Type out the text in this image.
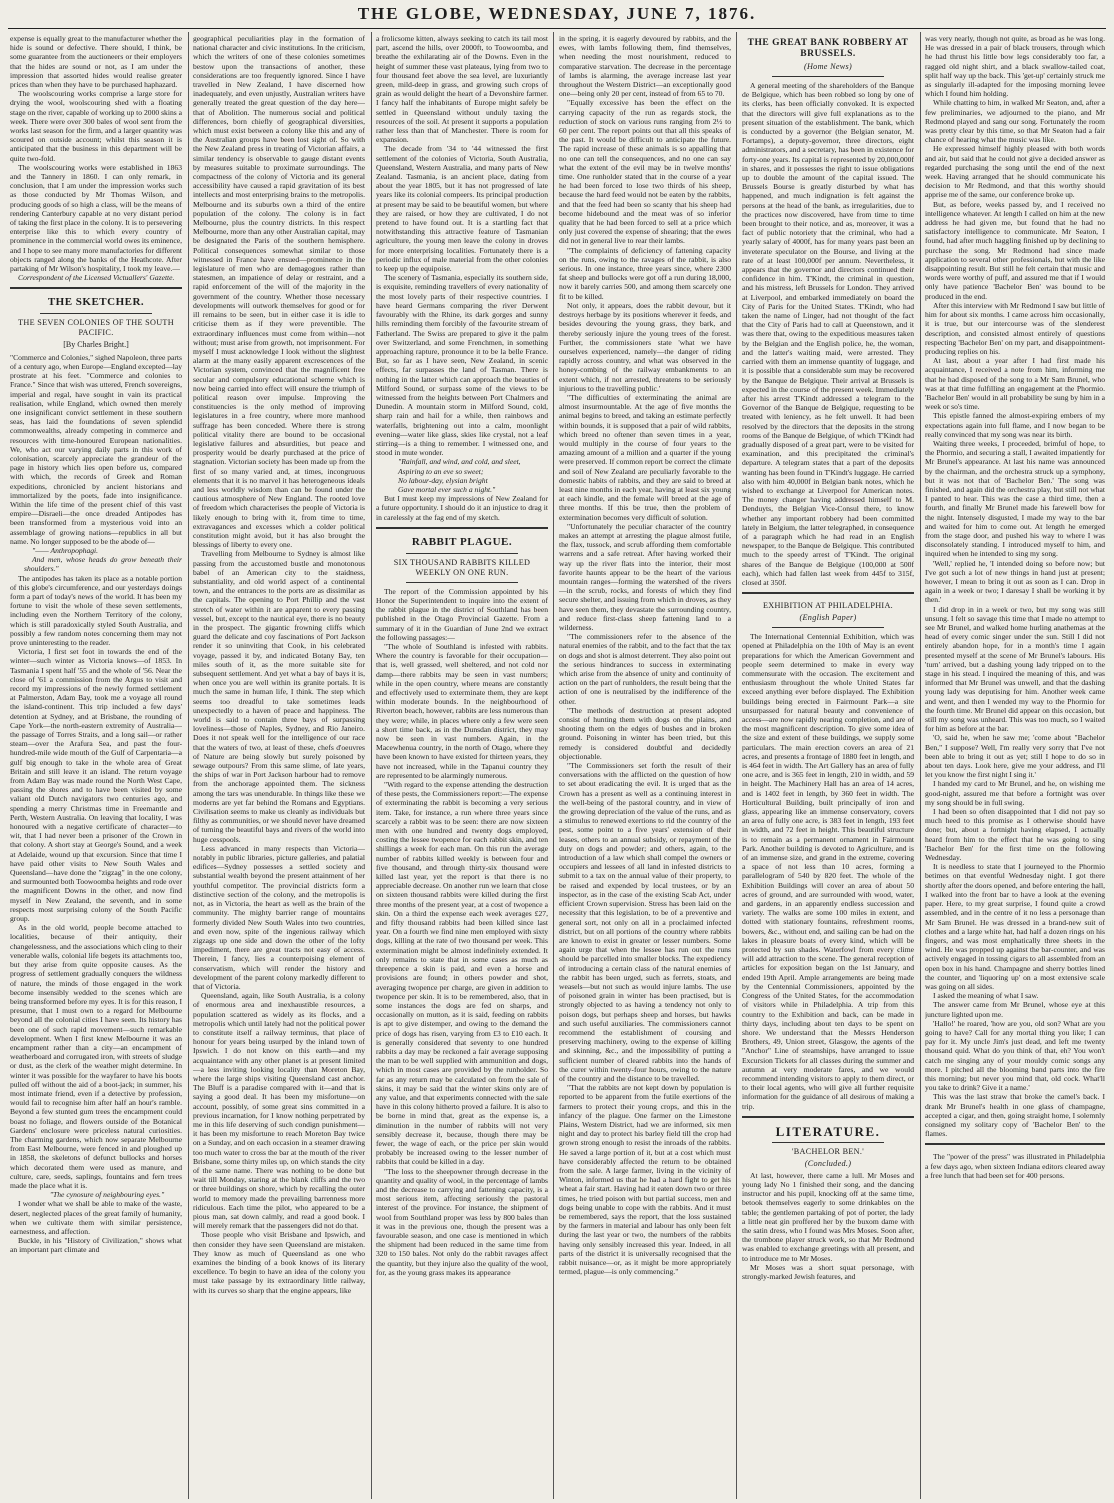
THE GLOBE, WEDNESDAY, JUNE 7, 1876.

expense is equally great to the manufacturer whether the hide is sound or defective. There should, I think, be some guarantee from the auctioneers or their employers that the hides are sound or not, as I am under the impression that assorted hides would realise greater prices than when they have to be purchased haphazard.

The woolscouring works comprise a large store for drying the wool, woolscouring shed with a floating stage on the river, capable of working up to 2000 skins a week. There were over 300 bales of wool sent from the works last season for the firm, and a larger quantity was scoured on outside account; whilst this season it is anticipated that the business in this department will be quite two-fold.

The woolscouring works were established in 1863 and the Tannery in 1860. I can only remark, in conclusion, that I am under the impression works such as those conducted by Mr Thomas Wilson, and producing goods of so high a class, will be the means of rendering Canterbury capable at no very distant period of taking the first place in the colony. It is to persevering enterprise like this to which every country of prominence in the commercial world owes its eminence, and I hope to see many more manufactories for different objects ranged along the banks of the Heathcote. After partaking of Mr Wilson's hospitality, I took my leave.—

Correspondent of the Licensed Victuallers' Gazette.

THE SKETCHER.
THE SEVEN COLONIES OF THE SOUTH PACIFIC.
[By Charles Bright.]

"Commerce and Colonies," sighed Napoleon, three parts of a century ago, when Europe—England excepted—lay prostrate at his feet. "Commerce and colonies to France." Since that wish was uttered, French sovereigns, imperial and regal, have sought in vain its practical realisation, while England, which owned then merely one insignificant convict settlement in these southern seas, has laid the foundations of seven splendid commonwealths, already competing in commerce and resources with time-honoured European nationalities. We, who act our varying daily parts in this work of colonisation, scarcely appreciate the grandeur of the page in history which lies open before us, compared with which, the records of Greek and Roman expeditions, chronicled by ancient historians and immortalized by the poets, fade into insignificance. Within the life time of the present chief of this vast empire—Disraeli—the once dreaded Antipodes has been transformed from a mysterious void into an assemblage of growing nations—republics in all but name. No longer supposed to be the abode of—

"—— Anthropophagi.

And men, whose heads do grow beneath their shoulders."

The antipodes has taken its place as a notable portion of this globe's circumference, and our yesterdays doings form a part of today's news of the world. It has been my fortune to visit the whole of these seven settlements, including even the Northern Territory of the colony, which is still paradoxically styled South Australia, and possibly a few random notes concerning them may not prove uninteresting to the reader.

Victoria, I first set foot in towards the end of the winter—such winter as Victoria knows—of 1853. In Tasmania I spent half '55 and the whole of '56. Near the close of '61 a commission from the Argus to visit and record my impressions of the newly formed settlement at Palmerston, Adam Bay, took me a voyage all round the island-continent. This trip included a few days' detention at Sydney, and at Brisbane, the rounding of Cape York—the north-eastern extremity of Australia—the passage of Torres Straits, and a long sail—or rather steam—over the Arafura Sea, and past the four-hundred-mile wide mouth of the Gulf of Carpentaria—a gulf big enough to take in the whole area of Great Britain and still leave it an island. The return voyage from Adam Bay was made round the North West Cape, passing the shores and to have been visited by some valiant old Dutch navigators two centuries ago, and spending a merry Christmas time in Freemantle and Perth, Western Australia. On leaving that locality, I was honoured with a negative certificate of character—to wit, that I had never been a prisoner of the Crown in that colony. A short stay at George's Sound, and a week at Adelaide, wound up that excursion. Since that time I have paid other visits to New South Wales and Queensland—have done the "zigzag" in the one colony, and surmounted both Toowoomba heights and rode over the magnificent Downs in the other, and now find myself in New Zealand, the seventh, and in some respects most surprising colony of the South Pacific group.

As in the old world, people become attached to localities, because of their antiquity, their changelessness, and the associations which cling to their venerable walls, colonial life begets its attachments too, but they arise from quite opposite causes. As the progress of settlement gradually conquers the wildness of nature, the minds of those engaged in the work become insensibly wedded to the scenes which are being transformed before my eyes. It is for this reason, I presume, that I must own to a regard for Melbourne beyond all the colonial cities I have seen. Its history has been one of such rapid movement—such remarkable development. When I first knew Melbourne it was an encampment rather than a city—an encampment of weatherboard and corrugated iron, with streets of sludge or dust, as the clerk of the weather might determine. In winter it was possible for the wayfarer to have his boots pulled off without the aid of a boot-jack; in summer, his most intimate friend, even if a detective by profession, would fail to recognise him after half an hour's ramble. Beyond a few stunted gum trees the encampment could boast no foliage, and flowers outside of the Botanical Gardens' enclosure were priceless natural curiosities. The charming gardens, which now separate Melbourne from East Melbourne, were fenced in and ploughed up in 1858, the skeletons of defunct bullocks and horses which decorated them were used as manure, and culture, care, seeds, saplings, fountains and fern trees made the place what it is.

"The cynosure of neighbouring eyes."

I wonder what we shall be able to make of the waste, desert, neglected places of the great family of humanity, when we cultivate them with similar persistence, earnestness, and affection.

Buckle, in his "History of Civilization," shows what an important part climate and

geographical peculiarities play in the formation of national character and civic institutions. In the criticism, which the writers of one of these colonies sometimes bestow upon the transactions of another, these considerations are too frequently ignored. Since I have travelled in New Zealand, I have discerned how inadequately, and even unjustly, Australian writers have generally treated the great question of the day here—that of Abolition. The numerous social and political differences, born chiefly of geographical diversities, which must exist between a colony like this and any of the Australian groups have been lost sight of. So with the New Zealand press in treating of Victorian affairs, a similar tendency is observable to gauge distant events by measures suitable to proximate surroundings. The compactness of the colony of Victoria and its general accessibility have caused a rapid gravitation of its best intellects and most enterprising brains to the metropolis. Melbourne and its suburbs own a third of the entire population of the colony. The colony is in fact Melbourne, plus the country districts. In this respect Melbourne, more than any other Australian capital, may be designated the Paris of the southern hemisphere. Political consequences somewhat similar to those witnessed in France have ensued—prominence in the legislature of men who are demagogues rather than statesmen, an impatience of delay or restraint, and a rapid enforcement of the will of the majority in the government of the country. Whether those necessary developments will outwork themselves for good or for ill remains to be seen, but in either case it is idle to criticise them as if they were preventible. The extraordinary influences must come from within—not without; must arise from growth, not imprisonment. For myself I must acknowledge I look without the slightest alarm at the many easily apparent excrescences of the Victorian system, convinced that the magnificent free secular and compulsory educational scheme which is now being carried into effect will ensure the triumph of political reason over impulse. Improving the constituencies is the only method of improving legislatures in a free country, where more manhood suffrage has been conceded. Where there is strong political vitality there are bound to be occasional legislative failures and absurdities, but peace and prosperity would be dearly purchased at the price of stagnation. Victorian society has been made up from the first of so many varied and, at times, incongruous elements that it is no marvel it has heterogeneous ideals and less worldly wisdom than can be found under the cautious atmosphere of New England. The rooted love of freedom which characterises the people of Victoria is likely enough to bring with it, from time to time, extravagances and excesses which a colder political constitution might avoid, but it has also brought the blessings of liberty to every one.

Travelling from Melbourne to Sydney is almost like passing from the accustomed bustle and monotonous babel of an American city to the staidness, substantiality, and old world aspect of a continental town, and the entrances to the ports are as dissimilar as the capitals. The opening to Port Phillip and the vast stretch of water within it are apparent to every passing vessel, but, except to the nautical eye, there is no beauty in the prospect. The gigantic frowning cliffs which guard the delicate and coy fascinations of Port Jackson render it so uninviting that Cook, in his celebrated voyage, passed it by, and indicated Botany Bay, ten miles south of it, as the more suitable site for subsequent settlement. And yet what a bay of bays it is, when once you are well within its granite portals. It is much the same in human life, I think. The step which seems too dreadful to take sometimes leads unexpectedly to a haven of peace and happiness. The world is said to contain three bays of surpassing loveliness—those of Naples, Sydney, and Rio Janeiro. Does it not speak well for the intelligence of our race that the waters of two, at least of these, chefs d'oeuvres of Nature are being slowly but surely poisoned by sewage outpours? From this same slime, of late years, the ships of war in Port Jackson harbour had to remove from the anchorage appointed them. The sickness among the tars was unendurable. In things like these we moderns are yet far behind the Romans and Egyptians. Civilisation seems to make us cleanly as individuals but filthy as communities, or we should never have dreamed of turning the beautiful bays and rivers of the world into huge cesspools.

Less advanced in many respects than Victoria—notably in public libraries, picture galleries, and palatial edifices—Sydney possesses a settled society and substantial wealth beyond the present attainment of her youthful competitor. The provincial districts form a distinctive section of the colony, and the metropolis is not, as in Victoria, the heart as well as the brain of the community. The mighty barrier range of mountains formerly divided New South Wales into two countries, and even now, spite of the ingenious railway which zigzags up one side and down the other of the lofty impediment, there are great tracts not easy of access. Therein, I fancy, lies a counterpoising element of conservatism, which will render the history and development of the parent colony markedly different to that of Victoria.

Queensland, again, like South Australia, is a colony of enormous area and inexhaustible resources, a population scattered as widely as its flocks, and a metropolis which until lately had not the political power to constitute itself a railway terminus, that place of honour for years being usurped by the inland town of Ipswich. I do not know on this earth—and my acquaintance with any other planet is at present limited—a less inviting looking locality than Moreton Bay, where the large ships visiting Queensland cast anchor. The Bluff is a paradise compared with it—and that is saying a good deal. It has been my misfortune—on account, possibly, of some great sins committed in a previous incarnation, for I know nothing perpetrated by me in this life deserving of such condign punishment—it has been my misfortune to reach Moreton Bay twice on a Sunday, and on each occasion in a steamer drawing too much water to cross the bar at the mouth of the river Brisbane, some thirty miles up, on which stands the city of the same name. There was nothing to be done but wait till Monday, staring at the blank cliffs and the two or three buildings on shore, which by recalling the outer world to memory made the prevailing barrenness more ridiculous. Each time the pilot, who appeared to be a pious man, sat down calmly, and read a good book. I will merely remark that the passengers did not do that.

Those people who visit Brisbane and Ipswich, and then consider they have seen Queensland are mistaken. They know as much of Queensland as one who examines the binding of a book knows of its literary excellence. To begin to have an idea of the colony you must take passage by its extraordinary little railway, with its curves so sharp that the engine appears, like

a frolicsome kitten, always seeking to catch its tail most part, ascend the hills, over 2000ft, to Toowoomba, and breathe the exhilarating air of the Downs. Even in the height of summer these vast plateaus, lying from two to four thousand feet above the sea level, are luxuriantly green, mild-deep in grass, and growing such crops of grain as would delight the heart of a Devonshire farmer. I fancy half the inhabitants of Europe might safely be settled in Queensland without unduly taxing the resources of the soil. At present it supports a population rather less than that of Manchester. There is room for expansion.

The decade from '34 to '44 witnessed the first settlement of the colonies of Victoria, South Australia, Queensland, Western Australia, and many parts of New Zealand. Tasmania, is an ancient place, dating from about the year 1805, but it has not progressed of late years like its colonial compeers. Its principal production at present may be said to be beautiful women, but where they are raised, or how they are cultivated, I do not pretend to have found out. It is a startling fact that notwithstanding this attractive feature of Tasmanian agriculture, the young men leave the colony in droves for more enterprising localities. Fortunately there is a periodic influx of male material from the other colonies to keep up the equipoise.

The scenery of Tasmania, especially its southern side, is exquisite, reminding travellers of every nationality of the most lovely parts of their respective countries. I have heard Germans comparing the river Derwent favourably with the Rhine, its dark gorges and sunny hills reminding them forcibly of the favourite stream of Fatherland. The Swiss are prepared to give it the palm over Switzerland, and some Frenchmen, in something approaching rapture, pronounce it to be la belle France. But, so far as I have seen, New Zealand, in scenic effects, far surpasses the land of Tasman. There is nothing in the latter which can approach the beauties of Milford Sound, or surpass some of the views to be witnessed from the heights between Port Chalmers and Dunedin. A mountain storm in Milford Sound, cold, sharp rain and hail for a while, then rainbows and waterfalls, brightening out into a calm, moonlight evening—water like glass, skies like crystal, not a leaf stirring—is a thing to remember. I witnessed one, and stood in mute wonder.

"Rainfall, and wind, and cold, and sleet,

Aspiring to an eve so sweet;

No labour-day, elysian bright

Gave mortal ever such a night."

But I must keep my impressions of New Zealand for a future opportunity. I should do it an injustice to drag it in carelessly at the fag end of my sketch.

RABBIT PLAGUE.
SIX THOUSAND RABBITS KILLED WEEKLY ON ONE RUN.

The report of the Commission appointed by his Honor the Superintendent to inquire into the extent of the rabbit plague in the district of Southland has been published in the Otago Provincial Gazette. From a summary of it in the Guardian of June 2nd we extract the following passages:—

"The whole of Southland is infested with rabbits. Where the country is favorable for their occupation—that is, well grassed, well sheltered, and not cold nor damp—there rabbits may be seen in vast numbers; while in the open country, where means are constantly and effectively used to exterminate them, they are kept within moderate bounds. In the neighbourhood of Riverton beach, however, rabbits are less numerous than they were; while, in places where only a few were seen a short time back, as in the Dunsdan district, they may now be seen in vast numbers. Again, in the Macewhenua country, in the north of Otago, where they have been known to have existed for thirteen years, they have not increased, while in the Tapanui country they are represented to be alarmingly numerous.

"With regard to the expense attending the destruction of these pests, the Commissioners report:—The expense of exterminating the rabbit is becoming a very serious item. Take, for instance, a run where three years since scarcely a rabbit was to be seen: there are now sixteen men with one hundred and twenty dogs employed, costing the lessee twopence for each rabbit skin, and ten shillings a week for each man. On this run the average number of rabbits killed weekly is between four and five thousand, and through thirty-six thousand were killed last year, yet the report is that there is no appreciable decrease. On another run we learn that close on sixteen thousand rabbits were killed during the first three months of the present year, at a cost of twopence a skin. On a third the expense each week averages £27, and fifty thousand rabbits had been killed since last year. On a fourth we find nine men employed with sixty dogs, killing at the rate of two thousand per week. This extermination might be almost indefinitely extended. It only remains to state that in some cases as much as threepence a skin is paid, and even a horse and provisions are found; in others powder and shot, averaging twopence per charge, are given in addition to twopence per skin. It is to be remembered, also, that in some instances the dogs are fed on sharps, and occasionally on mutton, as it is said, feeding on rabbits is apt to give distemper, and owing to the demand the price of dogs has risen, varying from £3 to £10 each. It is generally considered that seventy to one hundred rabbits a day may be reckoned a fair average supposing the man to be well supplied with ammunition and dogs, which in most cases are provided by the runholder. So far as any return may be calculated on from the sale of skins, it may be said that the winter skins only are of any value, and that experiments connected with the sale have in this colony hitherto proved a failure. It is also to be borne in mind that, great as the expense is, a diminution in the number of rabbits will not very sensibly decrease it, because, though there may be fewer, the wage of each, or the price per skin would probably be increased owing to the lesser number of rabbits that could be killed in a day.

"The loss to the sheepowner through decrease in the quantity and quality of wool, in the percentage of lambs and the decrease to carrying and fattening capacity, is a most serious item, affecting seriously the pastoral interest of the province. For instance, the shipment of wool from Southland proper was less by 800 bales than it was in the previous one, though the present was a favourable season, and one case is mentioned in which the shipment had been reduced in the same time from 320 to 150 bales. Not only do the rabbit ravages affect the quantity, but they injure also the quality of the wool, for, as the young grass makes its appearance

in the spring, it is eagerly devoured by rabbits, and the ewes, with lambs following them, find themselves, when needing the most nourishment, reduced to comparative starvation. The decrease in the percentage of lambs is alarming, the average increase last year throughout the Western District—an exceptionally good one—being only 20 per cent, instead of from 65 to 70.

"Equally excessive has been the effect on the carrying capacity of the run as regards stock, the reduction of stock on various runs ranging from 2½ to 60 per cent. The report points out that all this speaks of the past. It would be difficult to anticipate the future. The rapid increase of these animals is so appalling that no one can tell the consequences, and no one can say what the extent of the evil may be in twelve months' time. One runholder stated that in the course of a year he had been forced to lose two thirds of his sheep, because the hard feed would not be eaten by the rabbits, and that the feed had been so scanty that his sheep had become hidebound and the meat was of so inferior quality that he had been forced to sell at a price which only just covered the expense of shearing; that the ewes did not in general live to rear their lambs.

"The complaints of deficiency of fattening capacity on the runs, owing to the ravages of the rabbit, is also serious. In one instance, three years since, where 2300 fat sheep and bullocks were got off a run during 18,000, now it barely carries 500, and among them scarcely one fit to be killed.

Not only, it appears, does the rabbit devour, but it destroys herbage by its positions wherever it feeds, and besides devouring the young grass, they bark, and thereby seriously injure the young trees of the forest. Further, the commissioners state 'what we have ourselves experienced, namely—the danger of riding rapidly across country, and what was observed in the honey-combing of the railway embankments to an extent which, if not arrested, threatens to be seriously injurious to the travelling public.'

"The difficulties of exterminating the animal are almost insurmountable. At the age of five months the animal begins to breed, and taking an estimate perfectly within bounds, it is supposed that a pair of wild rabbits, which breed no oftener than seven times in a year, would multiply in the course of four years to the amazing amount of a million and a quarter if the young were preserved. If common report be correct the climate and soil of New Zealand are peculiarly favorable to the domestic habits of rabbits, and they are said to breed at least nine months in each year, having at least six young at each kindle, and the female will breed at the age of three months. If this be true, then the problem of extermination becomes very difficult of solution.

"Unfortunately the peculiar character of the country makes an attempt at arresting the plague almost futile, the flax, tussock, and scrub affording them comfortable warrens and a safe retreat. After having worked their way up the river flats into the interior, their most favorite haunts appear to be the heart of the various mountain ranges—forming the watershed of the rivers—in the scrub, rocks, and forests of which they find secure shelter, and issuing from which in droves, as they have seen them, they devastate the surrounding country, and reduce first-class sheep fattening land to a wilderness.

"The commissioners refer to the absence of the natural enemies of the rabbit, and to the fact that the tax on dogs and shot is almost deterrent. They also point out the serious hindrances to success in exterminating which arise from the absence of unity and continuity of action on the part of runholders, the result being that the action of one is neutralised by the indifference of the other.

"The methods of destruction at present adopted consist of hunting them with dogs on the plains, and shooting them on the edges of bushes and in broken ground. Poisoning in winter has been tried, but this remedy is considered doubtful and decidedly objectionable.

"The Commissioners set forth the result of their conversations with the afflicted on the question of how to set about eradicating the evil. It is urged that as the Crown has a present as well as a continuing interest in the well-being of the pastoral country, and in view of the growing depreciation of the value of the runs, and as a stimulus to renewed exertions to rid the country of the pest, some point to a five years' extension of their leases, others to an annual subsidy, or repayment of the duty on dogs and powder; and others, again, to the introduction of a law which shall compel the owners or occupiers and lessees of all land in infested districts to submit to a tax on the annual value of their property, to be raised and expended by local trustees, or by an inspector, as in the case of the existing Scab Act, under efficient Crown supervision. Stress has been laid on the necessity that this legislation, to be of a preventive and general sort, not only on all in a proclaimed infected district, but on all portions of the country where rabbits are known to exist in greater or lesser numbers. Some again urge that when the lessee has run out the runs should be parcelled into smaller blocks. The expediency of introducing a certain class of the natural enemies of the rabbit has been urged, such as ferrets, stoats, and weasels—but not such as would injure lambs. The use of poisoned grain in winter has been practised, but is strongly objected to as having a tendency not only to poison dogs, but perhaps sheep and horses, but hawks and such useful auxiliaries. The commissioners cannot recommend the establishment of coursing and preserving machinery, owing to the expense of killing and skinning, &c., and the impossibility of putting a sufficient number of cleared rabbits into the hands of the curer within twenty-four hours, owing to the nature of the country and the distance to be travelled.

"That the rabbits are not kept down by population is reported to be apparent from the futile exertions of the farmers to protect their young crops, and this in the infancy of the plague. One farmer on the Limestone Plains, Western District, had we are informed, six men night and day to protect his barley field till the crop had grown strong enough to resist the inroads of the rabbits. He saved a large portion of it, but at a cost which must have considerably affected the return to be obtained from the sale. A large farmer, living in the vicinity of Winton, informed us that he had a hard fight to get his wheat a fair start. Having had it eaten down two or three times, he tried poison with but partial success, men and dogs being unable to cope with the rabbits. And it must be remembered, says the report, that the loss sustained by the farmers in material and labour has only been felt during the last year or two, the numbers of the rabbits having only sensibly increased this year. Indeed, in all parts of the district it is universally recognised that the rabbit nuisance—or, as it might be more appropriately termed, plague—is only commencing."

THE GREAT BANK ROBBERY AT BRUSSELS.
(Home News)

A general meeting of the shareholders of the Banque de Belgique, which has been robbed so long by one of its clerks, has been officially convoked. It is expected that the directors will give full explanations as to the present situation of the establishment. The bank, which is conducted by a governor (the Belgian senator, M. Fortamps), a deputy-governor, three directors, eight administrators, and a secretary, has been in existence for forty-one years. Its capital is represented by 20,000,000f in shares, and it possesses the right to issue obligations up to double the amount of the capital issued. The Brussels Bourse is greatly disturbed by what has happened, and much indignation is felt against the persons at the head of the bank, as irregularities, due to the practices now discovered, have from time to time been brought to their notice, and as, moreover, it was a fact of public notoriety that the criminal, who had a yearly salary of 4000f, has for many years past been an inveterate speculator on the Bourse, and living at the rate of at least 100,000f per annum. Nevertheless, it appears that the governor and directors continued their confidence in him. T'Kindt, the criminal in question, and his mistress, left Brussels for London. They arrived at Liverpool, and embarked immediately on board the City of Paris for the United States. T'Kindt, who had taken the name of Linger, had not thought of the fact that the City of Paris had to call at Queenstown, and it was there that, owing to the expeditious measures taken by the Belgian and the English police, he, the woman, and the latter's waiting maid, were arrested. They carried with them an immense quantity of luggage, and it is possible that a considerable sum may be recovered by the Banque de Belgique. Their arrival at Brussels is expected in the course of the present week. Immediately after his arrest T'Kindt addressed a telegram to the Governor of the Banque de Belgique, requesting to be treated with leniency, as he felt unwell. It had been resolved by the directors that the deposits in the strong rooms of the Banque de Belgique, of which T'Kindt had gradually disposed of a great part, were to be visited for examination, and this precipitated the criminal's departure. A telegram states that a part of the deposits wanting has been found in T'Kindt's luggage. He carried also with him 40,000f in Belgian bank notes, which he wished to exchange at Liverpool for American notes. The money changer having addressed himself to M. Denduyts, the Belgian Vice-Consul there, to know whether any important robbery had been committed lately in Belgium, the latter telegraphed, in consequence of a paragraph which he had read in an English newspaper, to the Banque de Belgique. This contributed much to the speedy arrest of T'Kindt. The original shares of the Banque de Belgique (100,000 at 500f each), which had fallen last week from 445f to 315f, closed at 350f.

EXHIBITION AT PHILADELPHIA.
(English Paper)

The International Centennial Exhibition, which was opened at Philadelphia on the 10th of May is an event preparations for which the American Government and people seem determined to make in every way commensurate with the occasion. The excitement and enthusiasm throughout the whole United States far exceed anything ever before displayed. The Exhibition buildings being erected in Fairmount Park—a site unsurpassed for natural beauty and convenience of access—are now rapidly nearing completion, and are of the most magnificent description. To give some idea of the size and extent of these buildings, we supply some particulars. The main erection covers an area of 21 acres, and presents a frontage of 1880 feet in length, and is 464 feet in width. The Art Gallery has an area of fully one acre, and is 365 feet in length, 210 in width, and 59 in height. The Machinery Hall has an area of 14 acres, and is 1402 feet in length, by 360 feet in width. The Horticultural Building, built principally of iron and glass, appearing like an immense conservatory, covers an area of fully one acre, is 383 feet in length, 193 feet in width, and 72 feet in height. This beautiful structure is to remain as a permanent ornament in Fairmount Park. Another building is devoted to Agriculture, and is of an immense size, and grand in the extreme, covering a space of not less than 10 acres, forming a parallelogram of 540 by 820 feet. The whole of the Exhibition Buildings will cover an area of about 50 acres of ground, and are surrounded with wood, water, and gardens, in an apparently endless succession and variety. The walks are some 100 miles in extent, and dotted with stationary fountains, refreshment rooms, bowers, &c., without end, and sailing can be had on the lakes in pleasure boats of every kind, which will be protected by sun shades. Waterfowl from every clime will add attraction to the scene. The general reception of articles for exposition began on the 1st January, and ended 19th April. Ample arrangements are being made by the Centennial Commissioners, appointed by the Congress of the United States, for the accommodation of visitors while in Philadelphia. A trip from this country to the Exhibition and back, can be made in thirty days, including about ten days to be spent on shore. We understand that the Messrs Henderson Brothers, 49, Union street, Glasgow, the agents of the "Anchor" Line of steamships, have arranged to issue Excursion Tickets for all classes during the summer and autumn at very moderate fares, and we would recommend intending visitors to apply to them direct, or to their local agents, who will give all further requisite information for the guidance of all desirous of making a trip.

LITERATURE.
'BACHELOR BEN.'
(Concluded.)

At last, however, there came a lull. Mr Moses and young lady No 1 finished their song, and the dancing instructor and his pupil, knocking off at the same time, betook themselves eagerly to some drinkables on the table; the gentlemen partaking of pot of porter, the lady a little neat gin proffered her by the buxom dame with the satin dress, who I found was Mrs Moses. Soon after, the trombone player struck work, so that Mr Redmond was enabled to exchange greetings with all present, and to introduce me to Mr Moses.

Mr Moses was a short squat personage, with strongly-marked Jewish features, and

was very nearly, though not quite, as broad as he was long. He was dressed in a pair of black trousers, through which he had thrust his little bow legs considerably too far, a ragged old night shirt, and a black swallow-tailed coat, split half way up the back. This 'get-up' certainly struck me as singularly ill-adapted for the imposing morning levee which I found him holding.

While chatting to him, in walked Mr Seaton, and, after a few preliminaries, we adjourned to the piano, and Mr Redmond played and sang our song. Fortunately the room was pretty clear by this time, so that Mr Seaton had a fair chance of hearing what the music was like.

He expressed himself highly pleased with both words and air, but said that he could not give a decided answer as regarded purchasing the song until the end of the next week. Having arranged that he should communicate his decision to Mr Redmond, and that this worthy should apprise me of the same, our conference broke up.

But, as before, weeks passed by, and I received no intelligence whatever. At length I called on him at the new address he had given me, but found that he had no satisfactory intelligence to communicate. Mr Seaton, I found, had after much haggling finished up by declining to purchase the song. Mr Redmond had since made application to several other professionals, but with the like disappointing result. But still he felt certain that music and words were worthy of puff, and assured me that if I would only have patience 'Bachelor Ben' was bound to be produced in the end.

After this interview with Mr Redmond I saw but little of him for about six months. I came across him occasionally, it is true, but our intercourse was of the slenderest description, and consisted almost entirely of questions respecting 'Bachelor Ben' on my part, and disappointment-producing replies on his.

At last, about a year after I had first made his acquaintance, I received a note from him, informing me that he had disposed of the song to a Mr Sam Brunel, who was at that time fulfilling an engagement at the Phormio. 'Bachelor Ben' would in all probability be sung by him in a week or so's time.

This epistle fanned the almost-expiring embers of my expectations again into full flame, and I now began to be really convinced that my song was near its birth.

Waiting three weeks, I proceeded, brimful of hope, to the Phormio, and securing a stall, I awaited impatiently for Mr Brunel's appearance. At last his name was announced by the chairman, and the orchestra struck up a symphony, but it was not that of 'Bachelor Ben.' The song was finished, and again did the orchestra play, but still not what I panted to hear. This was the case a third time, then a fourth, and finally Mr Brunel made his farewell bow for the night. Intensely disgusted, I made my way to the bar and waited for him to come out. At length he emerged from the stage door, and pushed his way to where I was disconsolately standing. I introduced myself to him, and inquired when he intended to sing my song.

'Well,' replied he, 'I intended doing so before now; but I've got such a lot of new things in hand just at present; however, I mean to bring it out as soon as I can. Drop in again in a week or two; I daresay I shall be working it by then.'

I did drop in in a week or two, but my song was still unsung. I felt so savage this time that I made no attempt to see Mr Brunel, and walked home hurling anathemas at the head of every comic singer under the sun. Still I did not entirely abandon hope, for in a month's time I again presented myself at the scene of Mr Brunel's labours. His 'turn' arrived, but a dashing young lady tripped on to the stage in his stead. I inquired the meaning of this, and was informed that Mr Brunel was unwell, and that the dashing young lady was deputising for him. Another week came and went, and then I wended my way to the Phormio for the fourth time. Mr Brunel did appear on this occasion, but still my song was unheard. This was too much, so I waited for him as before at the bar.

'O, said he, when he saw me; 'come about "Bachelor Ben," I suppose? Well, I'm really very sorry that I've not been able to bring it out as yet; still I hope to do so in about ten days. Look here, give me your address, and I'll let you know the first night I sing it.'

I handed my card to Mr Brunel, and he, on wishing me good-night, assured me that before a fortnight was over my song should be in full swing.

I had been so often disappointed that I did not pay so much heed to this promise as I otherwise should have done; but, about a fortnight having elapsed, I actually heard from him to the effect that he was going to sing 'Bachelor Ben' for the first time on the following Wednesday.

It is needless to state that I journeyed to the Phormio betimes on that eventful Wednesday night. I got there shortly after the doors opened, and before entering the hall, I walked into the front bar to have a look at the evening paper. Here, to my great surprise, I found quite a crowd assembled, and in the centre of it no less a personage than Mr Sam Brunel. He was dressed in a brand-new suit of clothes and a large white hat, had half a dozen rings on his fingers, and was most emphatically three sheets in the wind. He was propped up against the bar-counter, and was actively engaged in tossing cigars to all assembled from an open box in his hand. Champagne and sherry bottles lined the counter, and 'liquoring up' on a most extensive scale was going on all sides.

I asked the meaning of what I saw.

The answer came from Mr Brunel, whose eye at this juncture lighted upon me.

'Hallo!' he roared, 'how are you, old son? What are you going to have? Call for any mortal thing you like; I can pay for it. My uncle Jim's just dead, and left me twenty thousand quid. What do you think of that, eh? You won't catch me singing any of your mouldy comic songs any more. I pitched all the blooming band parts into the fire this morning; but never you mind that, old cock. What'll you take to drink? Give it a name.'

This was the last straw that broke the camel's back. I drank Mr Brunel's health in one glass of champagne, accepted a cigar, and then, going straight home, I solemnly consigned my solitary copy of 'Bachelor Ben' to the flames.

The "power of the press" was illustrated in Philadelphia a few days ago, when sixteen Indiana editors cleared away a free lunch that had been set for 400 persons.
